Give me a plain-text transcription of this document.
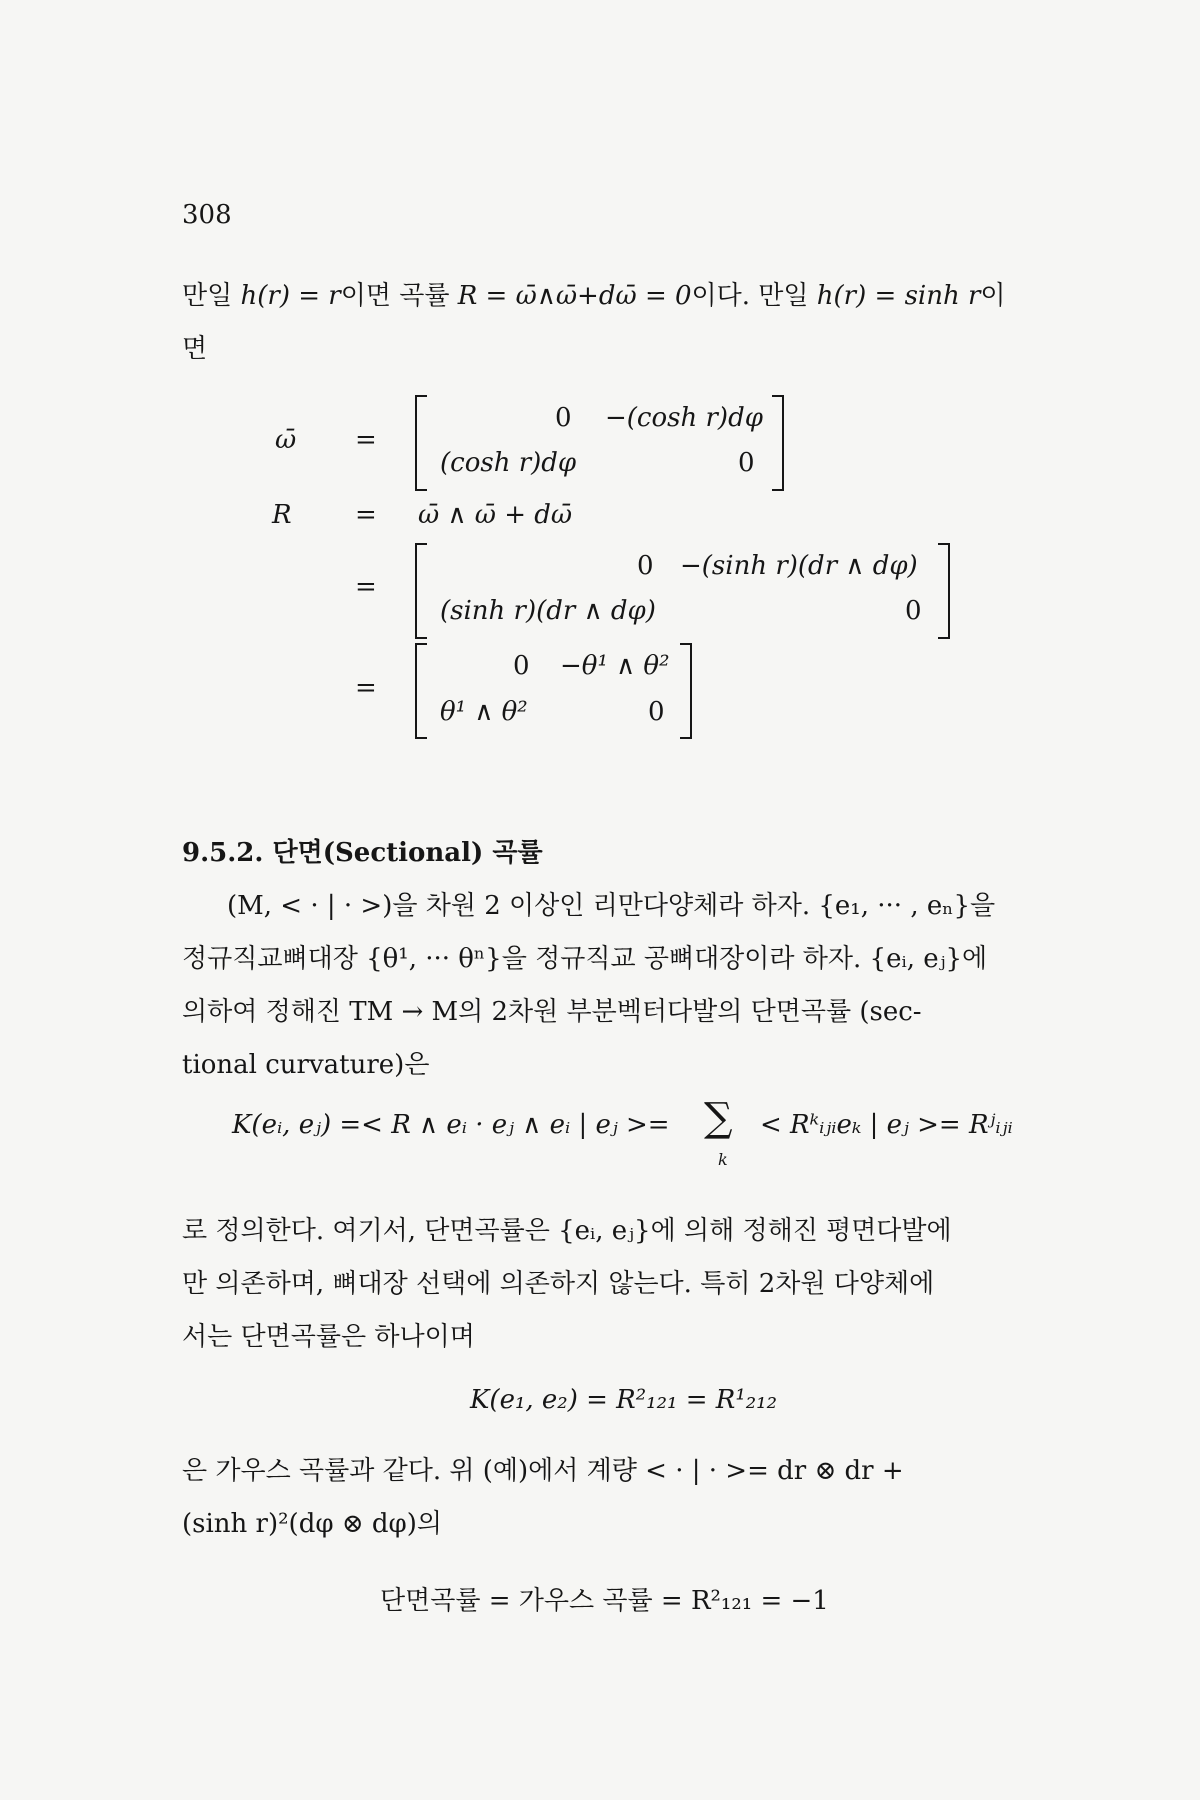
308

만일 h(r) = r이면 곡률 R = ω̄∧ω̄+dω̄ = 0이다. 만일 h(r) = sinh r이

면

ω̄ =
0 −(cosh r)dφ
(cosh r)dφ	0
R = ω̄ ∧ ω̄ + dω̄
=
0 −(sinh r)(dr ∧ dφ)
(sinh r)(dr ∧ dφ)	0
=
0 −θ¹ ∧ θ²
θ¹ ∧ θ²	0
9.5.2. 단면(Sectional) 곡률

(M, < · | · >)을 차원 2 이상인 리만다양체라 하자. {e₁, ··· , eₙ}을

정규직교뼈대장 {θ¹, ··· θⁿ}을 정규직교 공뼈대장이라 하자. {eᵢ, eⱼ}에

의하여 정해진 TM → M의 2차원 부분벡터다발의 단면곡률 (sec-

tional curvature)은

K(eᵢ, eⱼ) =< R ∧ eᵢ · eⱼ ∧ eᵢ | eⱼ >= ∑
k
< Rᵏᵢⱼᵢeₖ | eⱼ >= Rʲᵢⱼᵢ

로 정의한다. 여기서, 단면곡률은 {eᵢ, eⱼ}에 의해 정해진 평면다발에

만 의존하며, 뼈대장 선택에 의존하지 않는다. 특히 2차원 다양체에

서는 단면곡률은 하나이며

K(e₁, e₂) = R²₁₂₁ = R¹₂₁₂

은 가우스 곡률과 같다. 위 (예)에서 계량 < · | · >= dr ⊗ dr +

(sinh r)²(dφ ⊗ dφ)의

단면곡률 = 가우스 곡률 = R²₁₂₁ = −1
